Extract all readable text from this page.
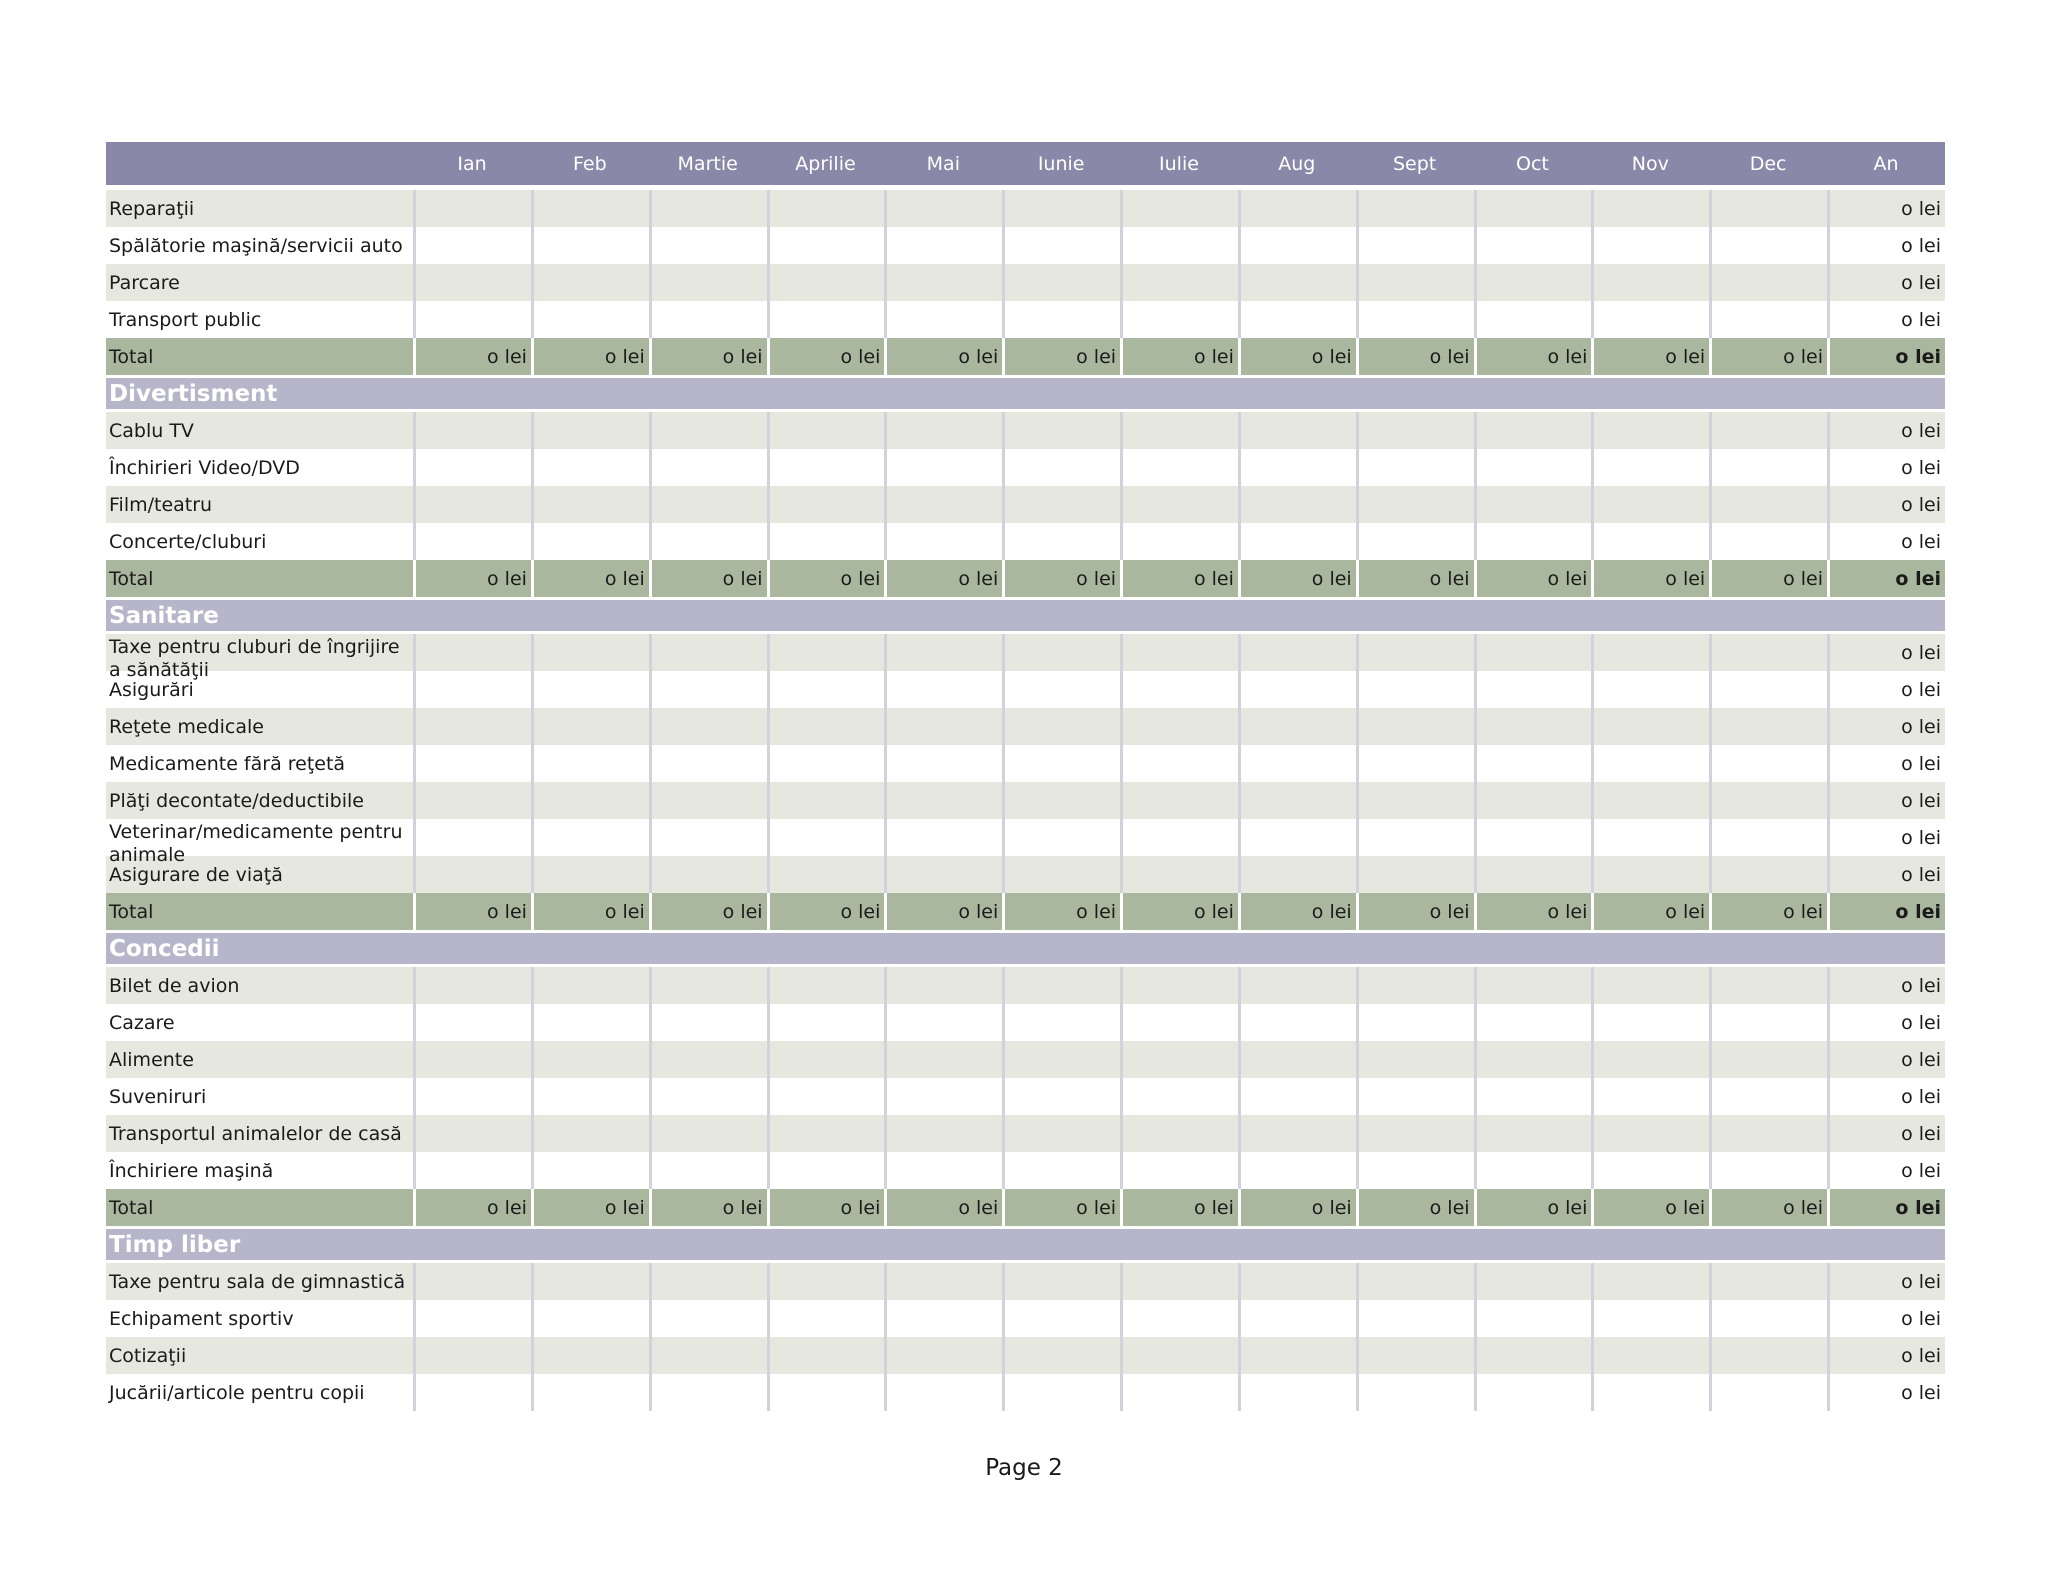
	Ian	Feb	Martie	Aprilie	Mai	Iunie	Iulie	Aug	Sept	Oct	Nov	Dec	An
Reparaţii													o lei
Spălătorie maşină/servicii auto													o lei
Parcare													o lei
Transport public													o lei
Total	o lei	o lei	o lei	o lei	o lei	o lei	o lei	o lei	o lei	o lei	o lei	o lei	o lei
Divertisment													
Cablu TV													o lei
Închirieri Video/DVD													o lei
Film/teatru													o lei
Concerte/cluburi													o lei
Total	o lei	o lei	o lei	o lei	o lei	o lei	o lei	o lei	o lei	o lei	o lei	o lei	o lei
Sanitare													

Taxe pentru cluburi de îngrijire a sănătăţii													o lei
Asigurări													o lei
Reţete medicale													o lei
Medicamente fără reţetă													o lei
Plăţi decontate/deductibile													o lei

Veterinar/medicamente pentru animale													o lei
Asigurare de viaţă													o lei
Total	o lei	o lei	o lei	o lei	o lei	o lei	o lei	o lei	o lei	o lei	o lei	o lei	o lei
Concedii													
Bilet de avion													o lei
Cazare													o lei
Alimente													o lei
Suveniruri													o lei
Transportul animalelor de casă													o lei
Închiriere maşină													o lei
Total	o lei	o lei	o lei	o lei	o lei	o lei	o lei	o lei	o lei	o lei	o lei	o lei	o lei
Timp liber													
Taxe pentru sala de gimnastică													o lei
Echipament sportiv													o lei
Cotizaţii													o lei
Jucării/articole pentru copii													o lei
Page 2
